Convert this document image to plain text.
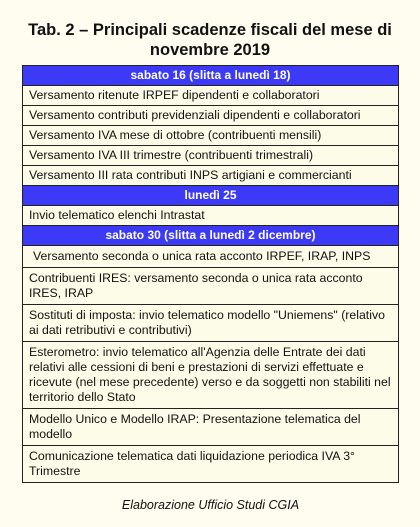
Tab. 2 – Principali scadenze fiscali del mese di novembre 2019
sabato 16 (slitta a lunedì 18)
Versamento ritenute IRPEF dipendenti e collaboratori
Versamento contributi previdenziali dipendenti e collaboratori
Versamento IVA mese di ottobre (contribuenti mensili)
Versamento IVA III trimestre (contribuenti trimestrali)
Versamento III rata contributi INPS artigiani e commercianti
lunedì 25
Invio telematico elenchi Intrastat
sabato 30 (slitta a lunedì 2 dicembre)
Versamento seconda o unica rata acconto IRPEF, IRAP, INPS
Contribuenti IRES: versamento seconda o unica rata acconto IRES, IRAP
Sostituti di imposta: invio telematico modello "Uniemens" (relativo ai dati retributivi e contributivi)
Esterometro: invio telematico all'Agenzia delle Entrate dei dati relativi alle cessioni di beni e prestazioni di servizi effettuate e ricevute (nel mese precedente) verso e da soggetti non stabiliti nel territorio dello Stato
Modello Unico e Modello IRAP: Presentazione telematica del modello
Comunicazione telematica dati liquidazione periodica IVA 3° Trimestre
Elaborazione Ufficio Studi CGIA
